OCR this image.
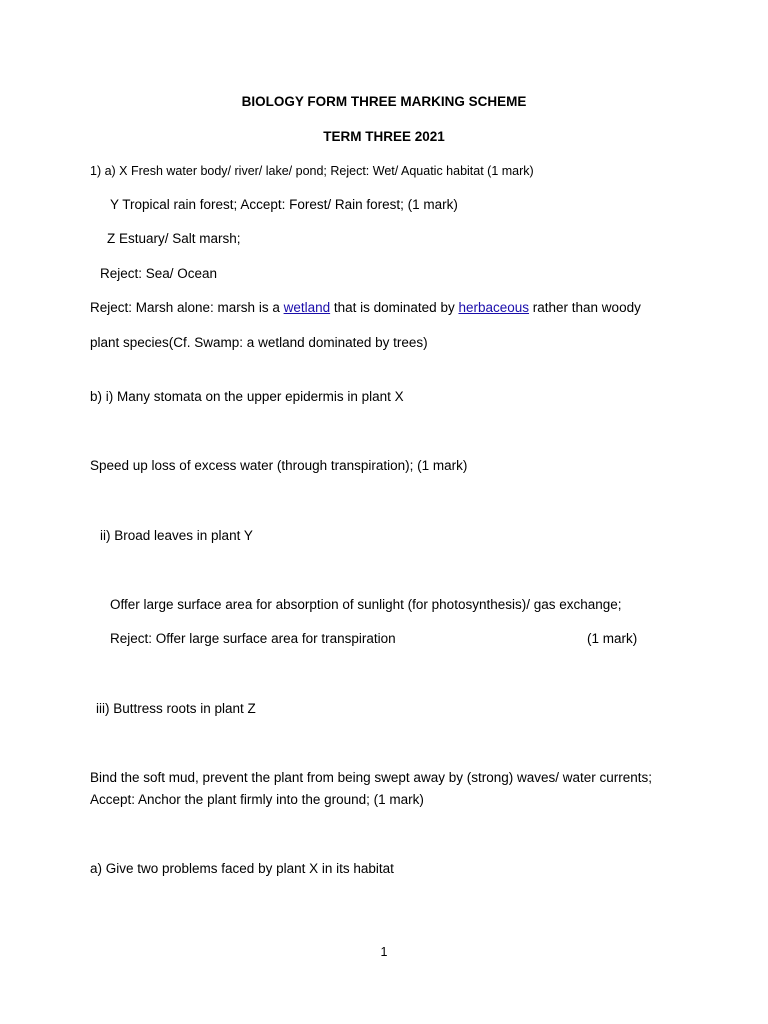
BIOLOGY FORM THREE MARKING SCHEME
TERM THREE 2021
1) a) X Fresh water body/ river/ lake/ pond; Reject: Wet/ Aquatic habitat (1 mark)
Y Tropical rain forest; Accept: Forest/ Rain forest; (1 mark)
Z Estuary/ Salt marsh;
Reject: Sea/ Ocean
Reject: Marsh alone: marsh is a wetland that is dominated by herbaceous rather than woody
plant species(Cf. Swamp: a wetland dominated by trees)
b) i) Many stomata on the upper epidermis in plant X
Speed up loss of excess water (through transpiration); (1 mark)
ii) Broad leaves in plant Y
Offer large surface area for absorption of sunlight (for photosynthesis)/ gas exchange;
Reject: Offer large surface area for transpiration	(1 mark)
iii) Buttress roots in plant Z
Bind the soft mud, prevent the plant from being swept away by (strong) waves/ water currents;
Accept: Anchor the plant firmly into the ground; (1 mark)
a) Give two problems faced by plant X in its habitat
1
